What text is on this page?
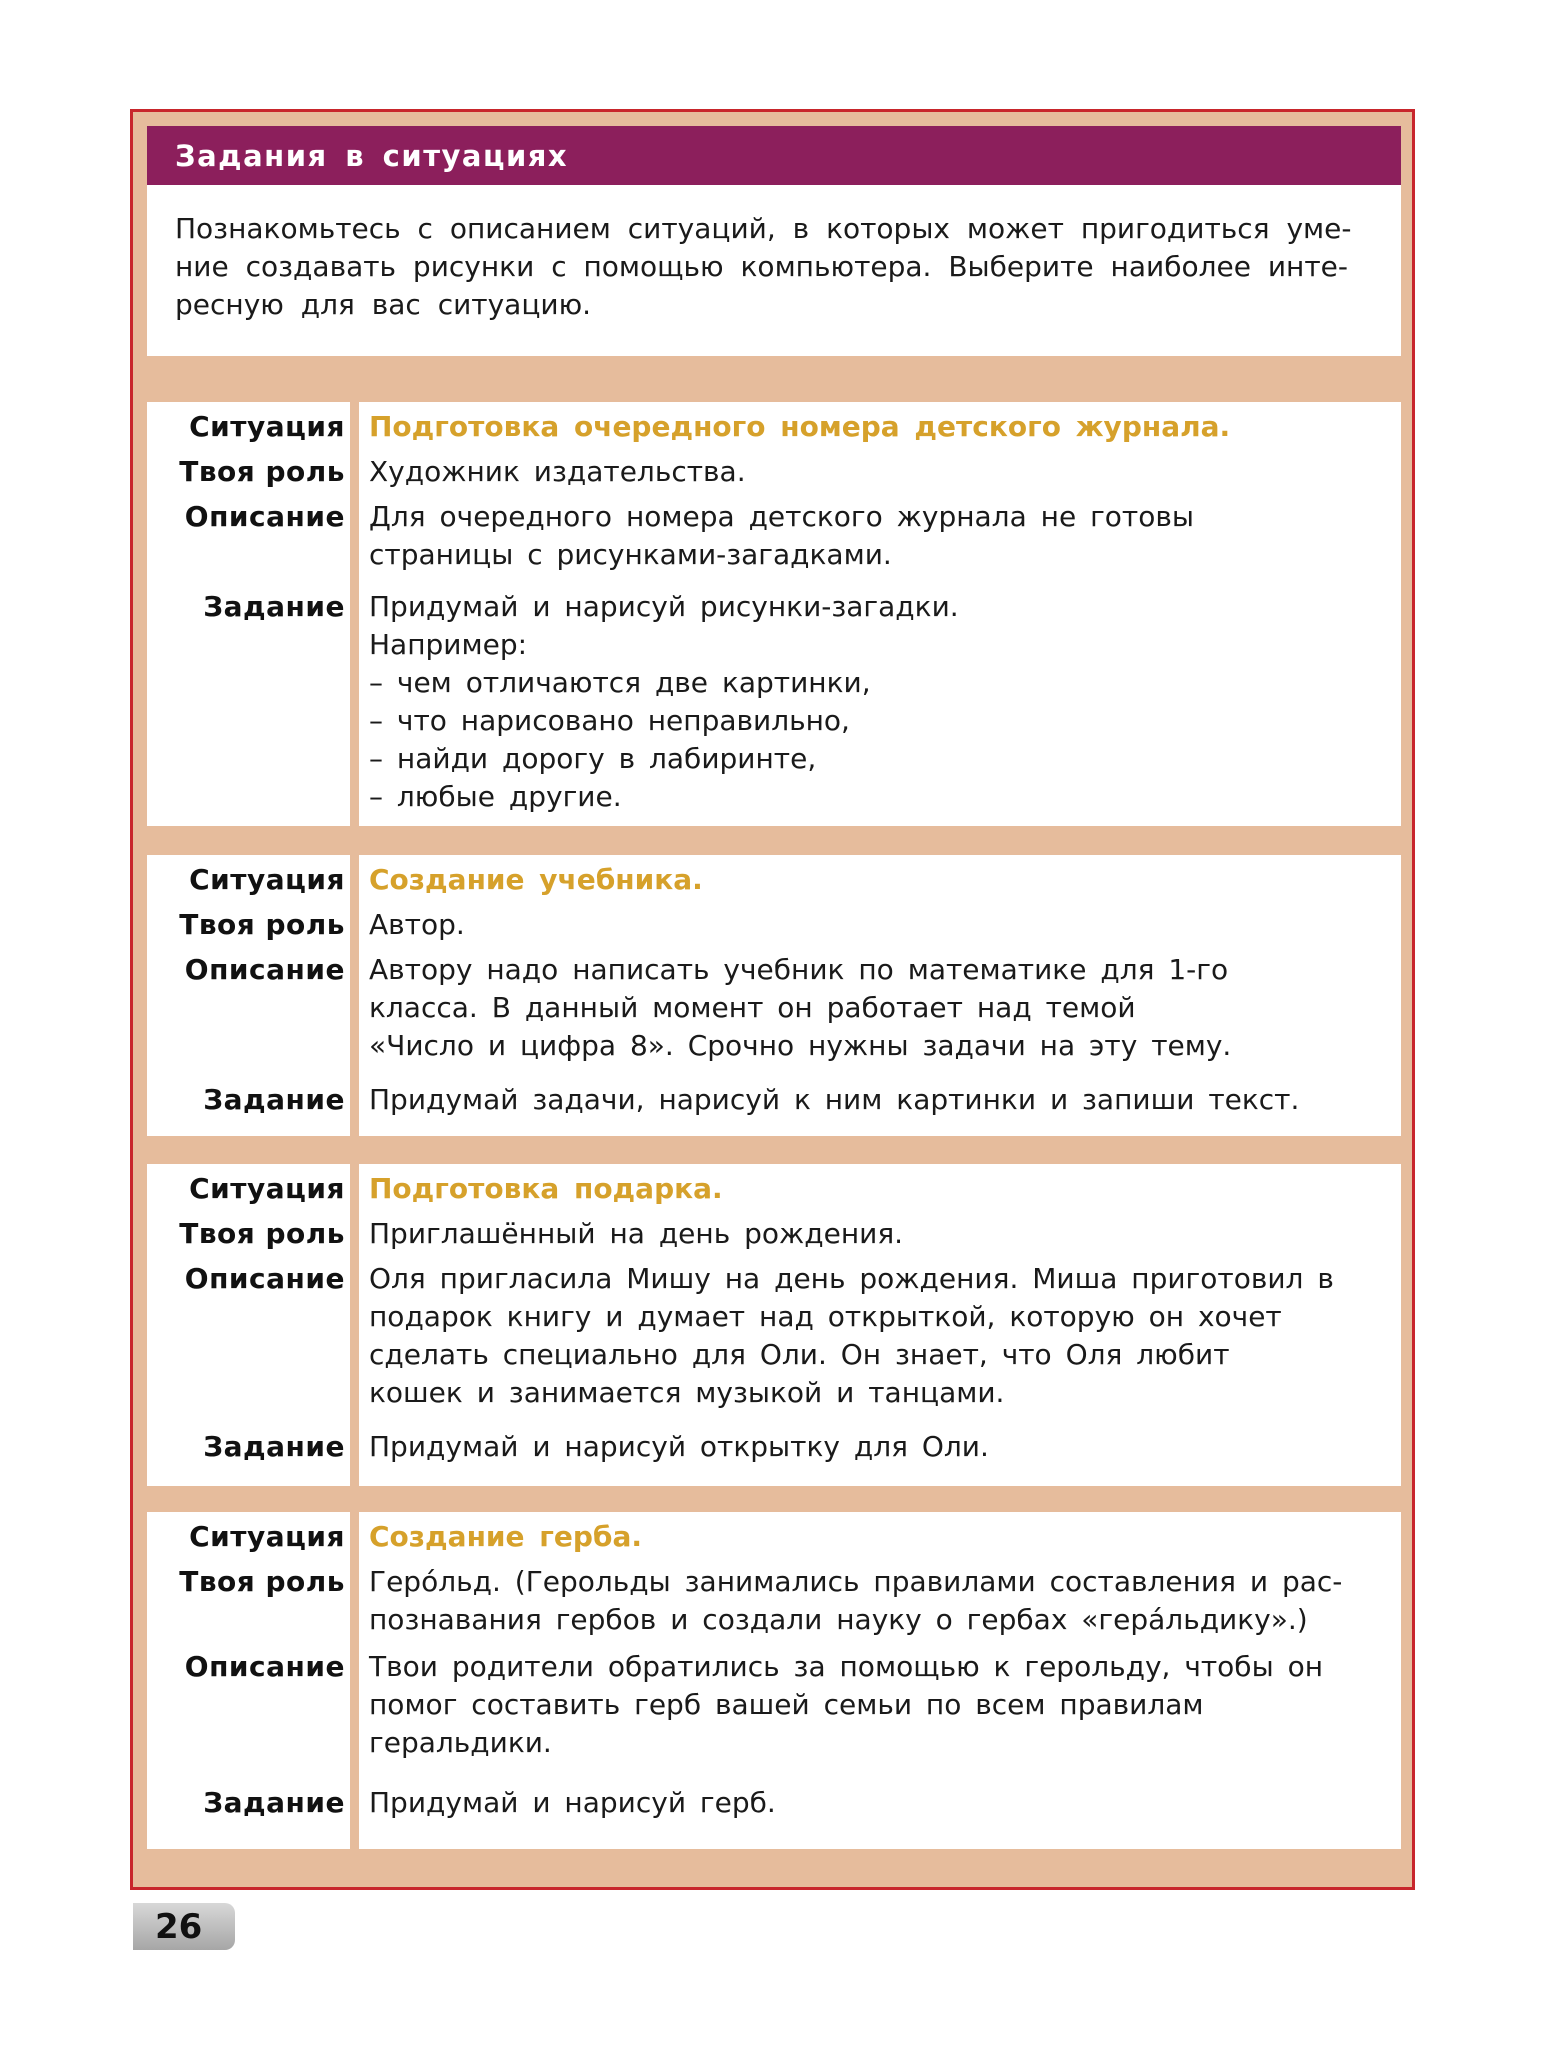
Задания в ситуациях

Познакомьтесь с описанием ситуаций, в которых может пригодиться уме-

ние создавать рисунки с помощью компьютера. Выберите наиболее инте-

ресную для вас ситуацию.

Ситуация Подготовка очередного номера детского журнала.
Твоя роль Художник издательства.
Описание Для очередного номера детского журнала не готовы

страницы с рисунками-загадками.

Задание Придумай и нарисуй рисунки-загадки.

Например:

– чем отличаются две картинки,

– что нарисовано неправильно,

– найди дорогу в лабиринте,

– любые другие.

Ситуация Создание учебника.
Твоя роль Автор.
Описание Автору надо написать учебник по математике для 1-го

класса. В данный момент он работает над темой

«Число и цифра 8». Срочно нужны задачи на эту тему.

Задание Придумай задачи, нарисуй к ним картинки и запиши текст.

Ситуация Подготовка подарка.
Твоя роль Приглашённый на день рождения.
Описание Оля пригласила Мишу на день рождения. Миша приготовил в

подарок книгу и думает над открыткой, которую он хочет

сделать специально для Оли. Он знает, что Оля любит

кошек и занимается музыкой и танцами.

Задание Придумай и нарисуй открытку для Оли.

Ситуация Создание герба.
Твоя роль Геро́льд. (Герольды занимались правилами составления и рас-

познавания гербов и создали науку о гербах «гера́льдику».)

Описание Твои родители обратились за помощью к герольду, чтобы он

помог составить герб вашей семьи по всем правилам

геральдики.

Задание Придумай и нарисуй герб.

26
